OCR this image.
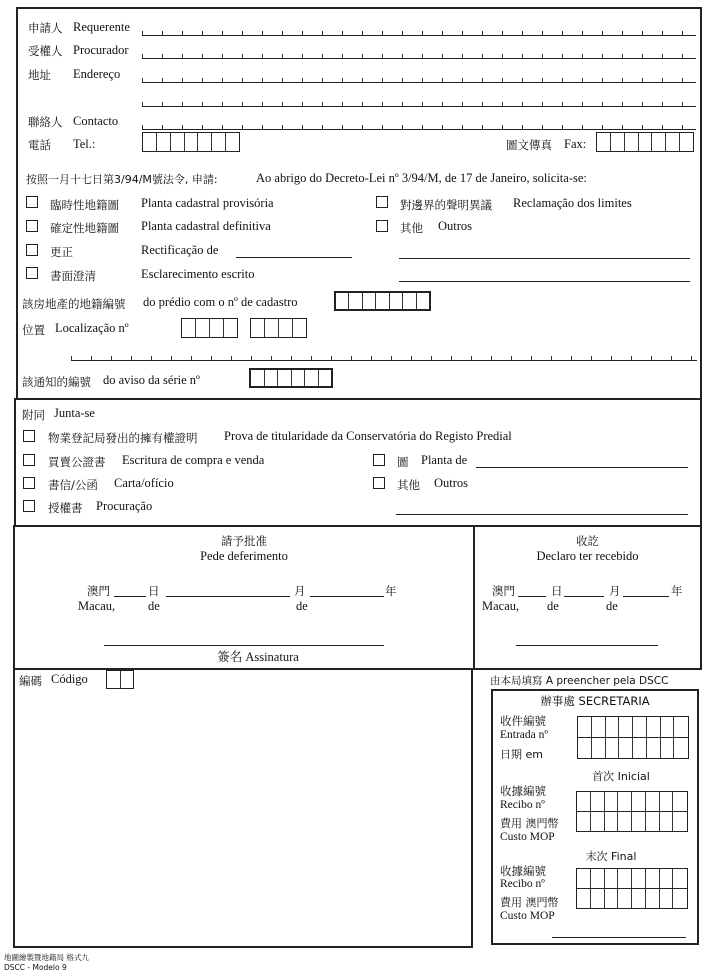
申請人 Requerente
受權人 Procurador
地址 Endereço
聯絡人 Contacto
電話 Tel.:	圖文傳真 Fax:
按照一月十七日第3/94/M號法令, 申請:	Ao abrigo do Decreto-Lei nº 3/94/M, de 17 de Janeiro, solicita-se:
臨時性地籍圖 Planta cadastral provisória
確定性地籍圖 Planta cadastral definitiva
更正	Rectificação de
書面澄清	Esclarecimento escrito
對邊界的聲明異議 Reclamação dos limites
其他 Outros
該房地產的地籍編號 do prédio com o nº de cadastro
位置 Localização nº
該通知的編號 do aviso da série nº
附同 Junta-se
物業登記局發出的擁有權證明 Prova de titularidade da Conservatória do Registo Predial
買賣公證書 Escritura de compra e venda
書信/公函 Carta/ofício
授權書 Procuração
圖 Planta de
其他 Outros
請予批准
Pede deferimento
澳門	日	月	年
Macau,	de	de
簽名 Assinatura
收訖
Declaro ter recebido
澳門	日	月	年
Macau, de	de
編碼 Código	由本局填寫 A preencher pela DSCC
辦事處 SECRETARIA
收件編號
Entrada nº
日期 em
首次 Inicial
收據編號
Recibo nº
費用 澳門幣
Custo MOP
末次 Final
收據編號
Recibo nº
費用 澳門幣
Custo MOP
地圖繪製暨地籍局 格式九
DSCC - Modelo 9
